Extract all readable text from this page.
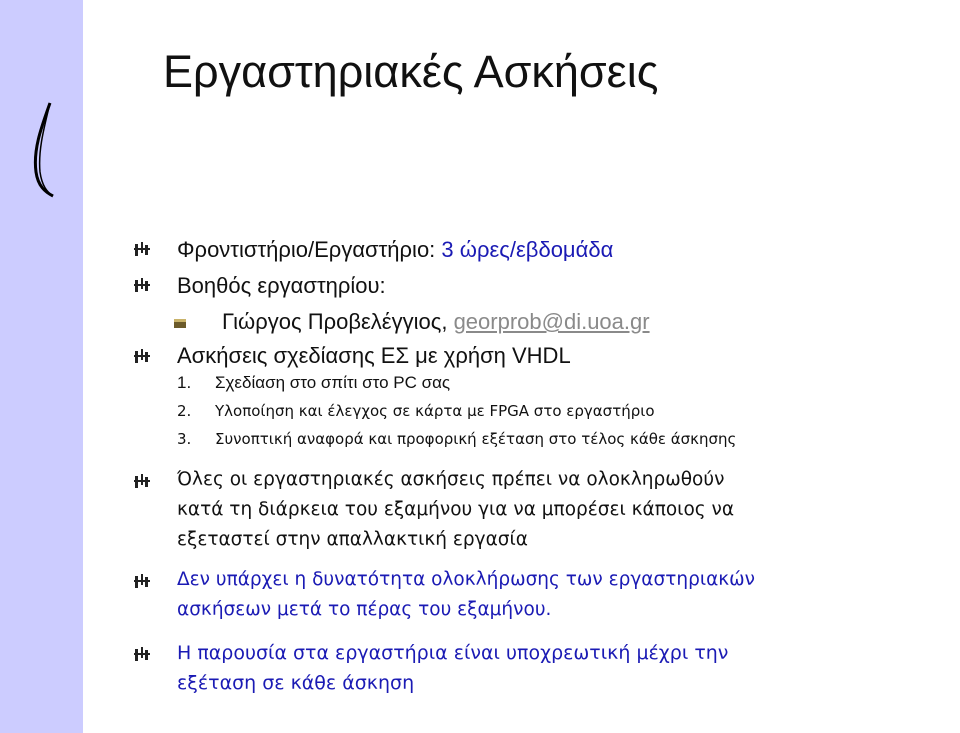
Εργαστηριακές Ασκήσεις
Φροντιστήριο/Εργαστήριο: 3 ώρες/εβδομάδα
Βοηθός εργαστηρίου:
Γιώργος Προβελέγγιος, georprob@di.uoa.gr
Ασκήσεις σχεδίασης ΕΣ με χρήση VHDL
1. Σχεδίαση στο σπίτι στο PC σας
2. Υλοποίηση και έλεγχος σε κάρτα με FPGA στο εργαστήριο
3. Συνοπτική αναφορά και προφορική εξέταση στο τέλος κάθε άσκησης
Όλες οι εργαστηριακές ασκήσεις πρέπει να ολοκληρωθούν
κατά τη διάρκεια του εξαμήνου για να μπορέσει κάποιος να
εξεταστεί στην απαλλακτική εργασία
Δεν υπάρχει η δυνατότητα ολοκλήρωσης των εργαστηριακών
ασκήσεων μετά το πέρας του εξαμήνου.
Η παρουσία στα εργαστήρια είναι υποχρεωτική μέχρι την
εξέταση σε κάθε άσκηση
